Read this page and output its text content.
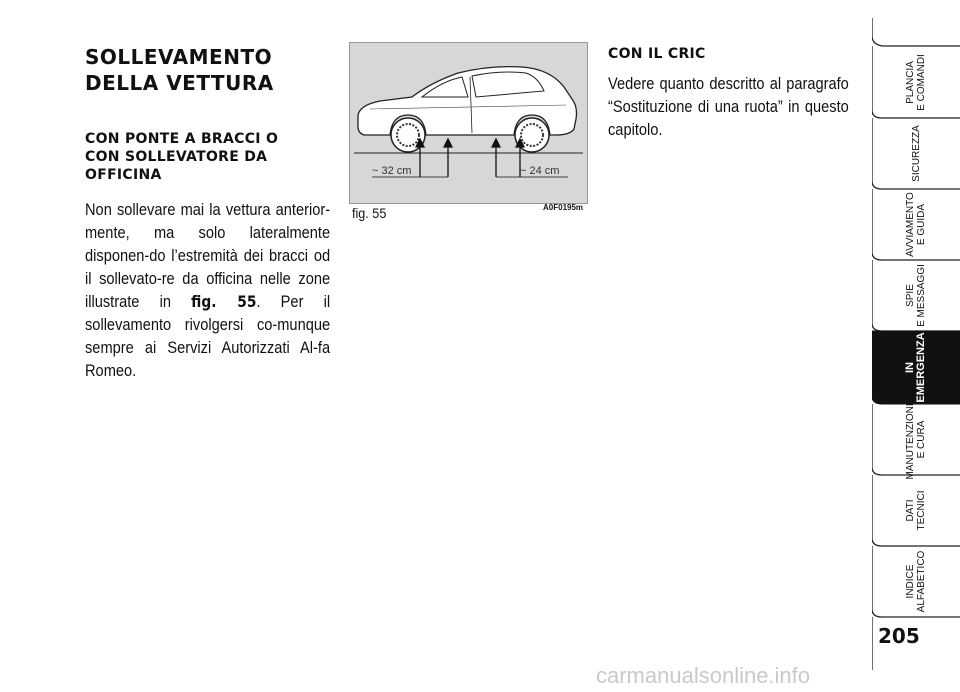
SOLLEVAMENTO
DELLA VETTURA
CON PONTE A BRACCI O
CON SOLLEVATORE DA
OFFICINA
Non sollevare mai la vettura anterior-mente, ma solo lateralmente disponen-do l’estremità dei bracci od il sollevato-re da officina nelle zone illustrate in fig. 55. Per il sollevamento rivolgersi co-munque sempre ai Servizi Autorizzati Al-fa Romeo.
~ 32 cm	~ 24 cm
fig. 55	A0F0195m
CON IL CRIC
Vedere quanto descritto al paragrafo “Sostituzione di una ruota” in questo capitolo.
PLANCIA E COMANDI
SICUREZZA
AVVIAMENTO E GUIDA
SPIE E MESSAGGI
IN EMERGENZA
MANUTENZIONE E CURA
DATI TECNICI
INDICE ALFABETICO
205
carmanualsonline.info
